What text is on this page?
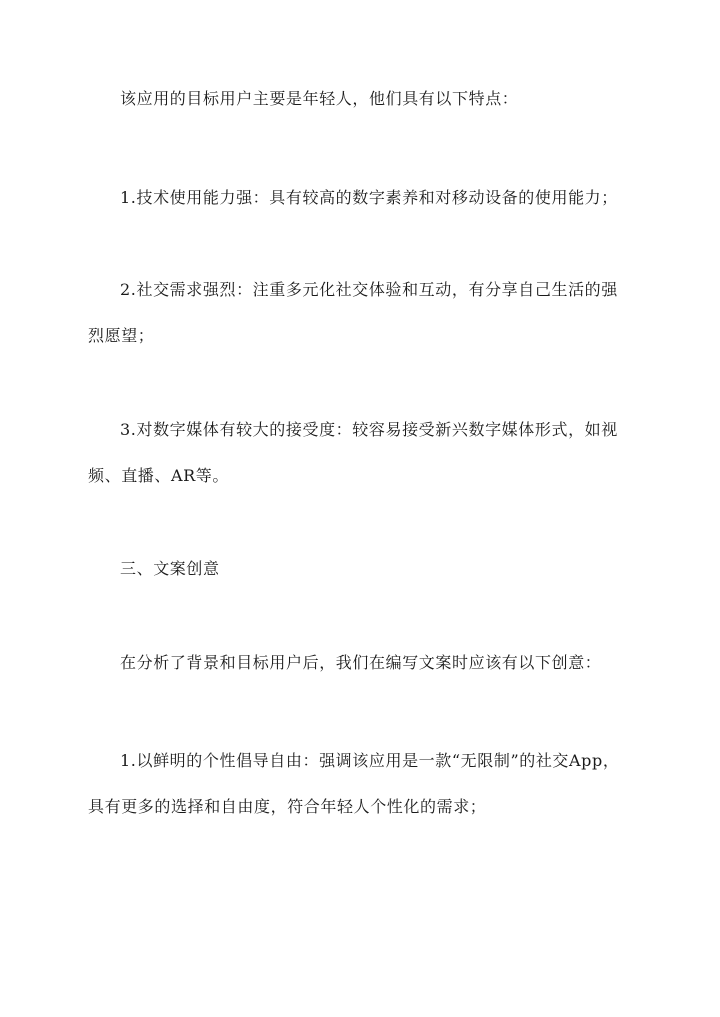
该应用的目标用户主要是年轻人，他们具有以下特点：

1.技术使用能力强：具有较高的数字素养和对移动设备的使用能力；

2.社交需求强烈：注重多元化社交体验和互动，有分享自己生活的强烈愿望；

3.对数字媒体有较大的接受度：较容易接受新兴数字媒体形式，如视频、直播、AR等。

三、文案创意

在分析了背景和目标用户后，我们在编写文案时应该有以下创意：

1.以鲜明的个性倡导自由：强调该应用是一款“无限制”的社交App，具有更多的选择和自由度，符合年轻人个性化的需求；
